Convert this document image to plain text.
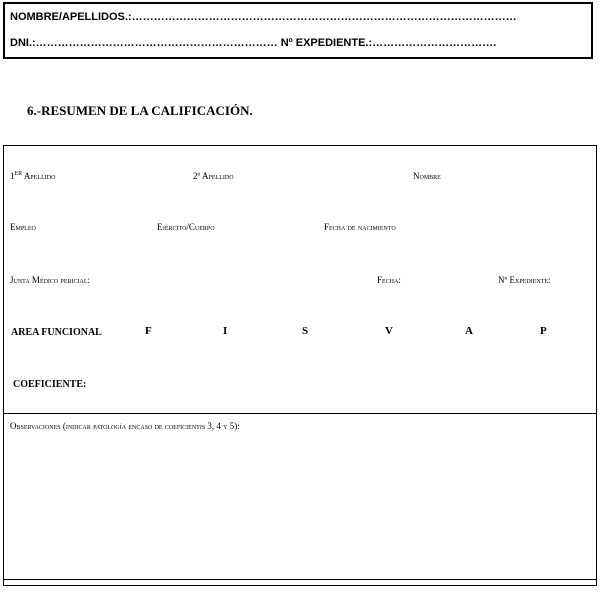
NOMBRE/APELLIDOS.:……………………………………………………………………………………………
DNI.:………………………………………………………… Nº EXPEDIENTE.:…………………………….
6.-RESUMEN DE LA CALIFICACIÓN.
1ER Apellido	2º Apellido	Nombre
Empleo	Ejército/Cuerpo	Fecha de nacimiento
Junta Médico pericial:	Fecha:	Nº Expediente:
AREA FUNCIONAL	F	I	S	V	A	P
COEFICIENTE:
Observaciones (indicar patología encaso de coeficientis 3, 4 y 5):
